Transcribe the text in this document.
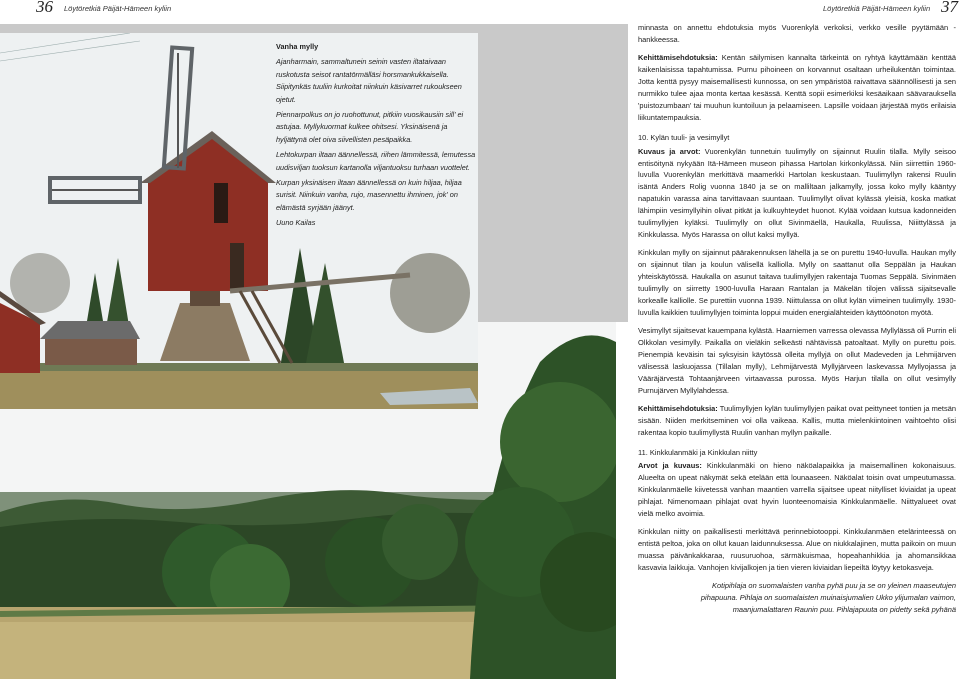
36 Löytöretkiä Päijät-Hämeen kyliin	Löytöretkiä Päijät-Hämeen kyliin 37
Vanha mylly

Ajanharmain, sammaltunein seinin vasten iltataivaan ruskotusta seisot rantatörmälläsi horsmankukkaisella. Siipitynkäs tuuliin kurkoitat niinkuin käsivarret rukoukseen ojetut.

Piennarpolkus on jo ruohottunut, pitkiin vuosikausiin sill' ei astujaa. Myllykuormat kulkee ohitsesi. Yksinäisenä ja hyljättynä olet oiva siivellisten pesäpaikka.

Lehtokurpan iltaan äännellessä, riihen lämmitessä, lemutessa uudisviljan tuoksun kartanolla viljantuoksu turhaan vuottelet.

Kurpan yksinäisen iltaan äännellessä on kuin hiljaa, hiljaa surisit. Niinkuin vanha, rujo, masennettu ihminen, jok' on elämästä syrjään jäänyt.

Uuno Kailas

minnasta on annettu ehdotuksia myös Vuorenkylä verkoksi, verkko vesille pyytämään -hankkeessa.

Kehittämisehdotuksia: Kentän säilymisen kannalta tärkeintä on ryhtyä käyttämään kenttää kaikenlaisissa tapahtumissa. Purnu pihoineen on korvannut osaltaan urheilukentän toimintaa. Jotta kenttä pysyy maisemallisesti kunnossa, on sen ympäristöä raivattava säännöllisesti ja sen nurmikko tulee ajaa monta kertaa kesässä. Kenttä sopii esimerkiksi kesäaikaan säävarauksella 'puistozumbaan' tai muuhun kuntoiluun ja pelaamiseen. Lapsille voidaan järjestää myös erilaisia liikuntatempauksia.

10. Kylän tuuli- ja vesimyllyt

Kuvaus ja arvot: Vuorenkylän tunnetuin tuulimylly on sijainnut Ruulin tilalla. Mylly seisoo entisöitynä nykyään Itä-Hämeen museon pihassa Hartolan kirkonkylässä. Niin siirrettiin 1960-luvulla Vuorenkylän merkittävä maamerkki Hartolan keskustaan. Tuulimyllyn rakensi Ruulin isäntä Anders Rolig vuonna 1840 ja se on malliltaan jalkamylly, jossa koko mylly kääntyy napatukin varassa aina tarvittavaan suuntaan. Tuulimyllyt olivat kylässä yleisiä, koska matkat lähimpiin vesimyllyihin olivat pitkät ja kulkuyhteydet huonot. Kylää voidaan kutsua kadonneiden tuulimyllyjen kyläksi. Tuulimylly on ollut Sivinmäellä, Haukalla, Ruulissa, Niiittylässä ja Kinkkulassa. Myös Harassa on ollut kaksi myllyä.

Kinkkulan mylly on sijainnut päärakennuksen lähellä ja se on purettu 1940-luvulla. Haukan mylly on sijainnut tilan ja koulun välisellä kalliolla. Mylly on saattanut olla Seppälän ja Haukan yhteiskäytössä. Haukalla on asunut taitava tuulimyllyjen rakentaja Tuomas Seppälä. Sivinmäen tuulimylly on siirretty 1900-luvulla Haraan Rantalan ja Mäkelän tilojen välissä sijaitsevalle korkealle kalliolle. Se purettiin vuonna 1939. Niittulassa on ollut kylän viimeinen tuulimylly. 1930-luvulla kaikkien tuulimyllyjen toiminta loppui muiden energialähteiden käyttöönoton myötä.

Vesimyllyt sijaitsevat kauempana kylästä. Haarniemen varressa olevassa Myllylässä oli Purrin eli Olkkolan vesimylly. Paikalla on vieläkin selkeästi nähtävissä patoaltaat. Mylly on purettu pois. Pienempiä keväisin tai syksyisin käytössä olleita myllyjä on ollut Madeveden ja Lehmijärven välisessä laskuojassa (Tillalan mylly), Lehmijärvestä Myllyjärveen laskevassa Myllyojassa ja Vääräjärvestä Tohtaanjärveen virtaavassa purossa. Myös Harjun tilalla on ollut vesimylly Purnujärven Myllylahdessa.

Kehittämisehdotuksia: Tuulimyllyjen kylän tuulimyllyjen paikat ovat peittyneet tontien ja metsän sisään. Niiden merkitseminen voi olla vaikeaa. Kallis, mutta mielenkiintoinen vaihtoehto olisi rakentaa kopio tuulimyllystä Ruulin vanhan myllyn paikalle.

11. Kinkkulanmäki ja Kinkkulan niitty

Arvot ja kuvaus: Kinkkulanmäki on hieno näköalapaikka ja maisemallinen kokonaisuus. Alueelta on upeat näkymät sekä etelään että lounaaseen. Näköalat toisin ovat umpeutumassa. Kinkkulanmäelle kiivetessä vanhan maantien varrella sijaitsee upeat niitylliset kiviaidat ja upeat pihlajat. Nimenomaan pihlajat ovat hyvin luonteenomaisia Kinkkulanmäelle. Niittyalueet ovat vielä melko avoimia.

Kinkkulan niitty on paikallisesti merkittävä perinnebiotooppi. Kinkkulanmäen etelärinteessä on entistä peltoa, joka on ollut kauan laidunnuksessa. Alue on niukkalajinen, mutta paikoin on muun muassa päivänkakkaraa, ruusuruohoa, särmäkuismaa, hopeahanhikkia ja ahomansikkaa kasvavia laikkuja. Vanhojen kivijalkojen ja tien vieren kiviaidan liepeiltä löytyy ketokasvejа.

Kotipihlaja on suomalaisten vanha pyhä puu ja se on yleinen maaseutujen pihapuuna. Pihlaja on suomalaisten muinaisjumalien Ukko ylijumalan vaimon, maanjumalattaren Raunin puu. Pihlajapuuta on pidetty sekä pyhänä
